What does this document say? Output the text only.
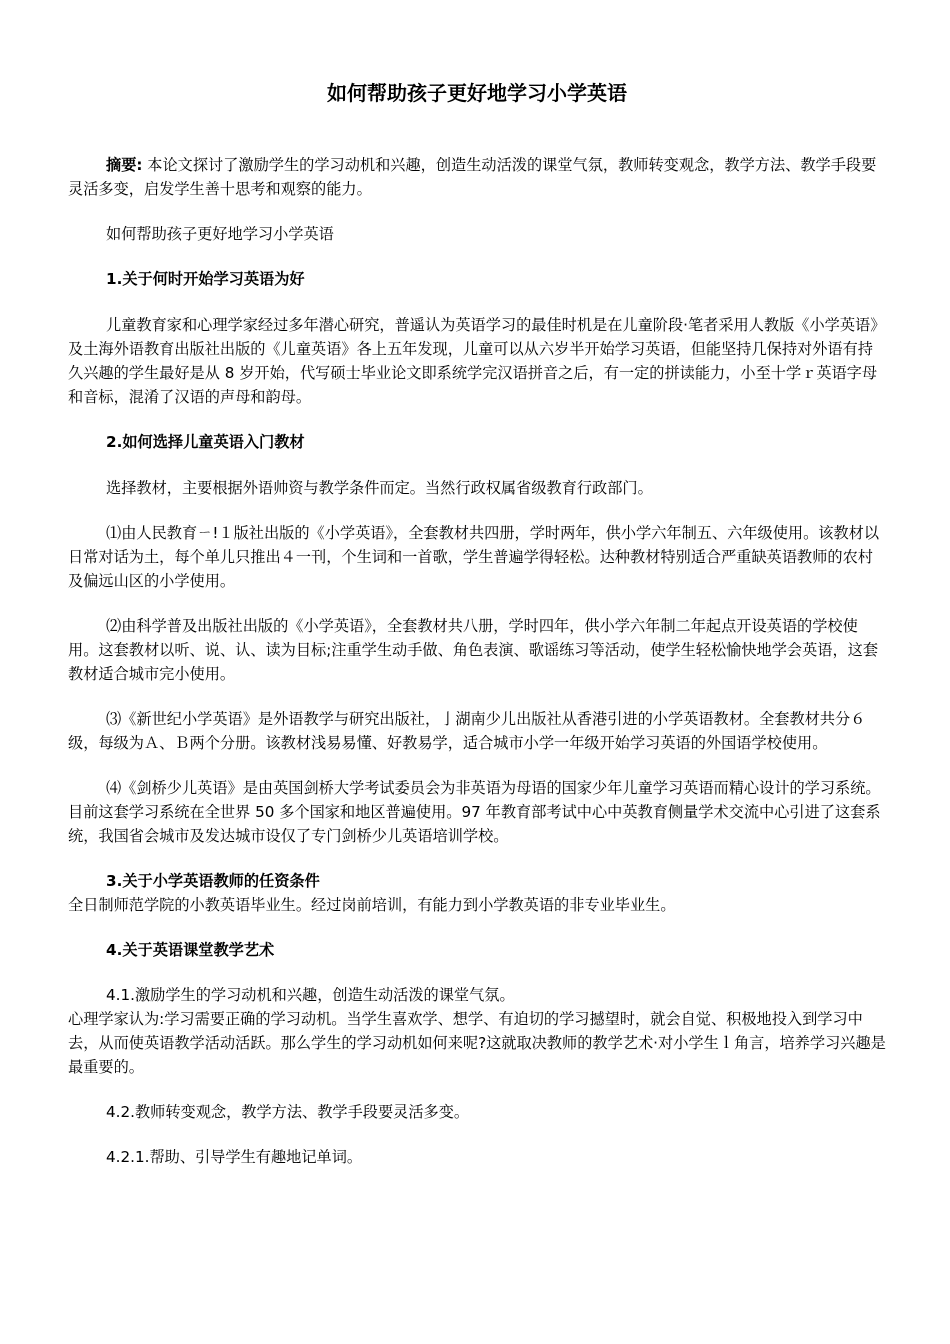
如何帮助孩子更好地学习小学英语

摘要: 本论文探讨了激励学生的学习动机和兴趣，创造生动活泼的课堂气氛，教师转变观念，教学方法、教学手段要灵活多变，启发学生善十思考和观察的能力。

如何帮助孩子更好地学习小学英语

1.关于何时开始学习英语为好

儿童教育家和心理学家经过多年潜心研究，普遥认为英语学习的最佳时机是在儿童阶段·笔者采用人教版《小学英语》及土海外语教育出版社出版的《儿童英语》各上五年发现，儿童可以从六岁半开始学习英语，但能坚持几保持对外语有持久兴趣的学生最好是从 8 岁开始，代写硕士毕业论文即系统学完汉语拼音之后，有一定的拼读能力，小至十学ｒ英语字母和音标，混淆了汉语的声母和韵母。

2.如何选择儿童英语入门教材

选择教材，主要根据外语帅资与教学条件而定。当然行政权属省级教育行政部门。

⑴由人民教育ㄧ!１版社出版的《小学英语》，全套教材共四册，学时两年，供小学六年制五、六年级使用。该教材以日常对话为土，每个单儿只推出４一刊，个生词和一首歌，学生普遍学得轻松。达种教材特别适合严重缺英语教师的农村及偏远山区的小学使用。

⑵由科学普及出版社出版的《小学英语》，全套教材共八册，学时四年，供小学六年制二年起点开设英语的学校使用。这套教材以听、说、认、读为目标;注重学生动手做、角色表演、歌谣练习等活动，使学生轻松愉快地学会英语，这套教材适合城市完小使用。

⑶《新世纪小学英语》是外语教学与研究出版社，亅湖南少儿出版社从香港引进的小学英语教材。全套教材共分６级，每级为Ａ、Ｂ两个分册。该教材浅易易懂、好教易学，适合城市小学一年级开始学习英语的外国语学校使用。

⑷《剑桥少儿英语》是由英国剑桥大学考试委员会为非英语为母语的国家少年儿童学习英语而精心设计的学习系统。目前这套学习系统在全世界 50 多个国家和地区普遍使用。97 年教育部考试中心中英教育侧量学术交流中心引进了这套系统，我国省会城市及发达城市设仅了专门剑桥少儿英语培训学校。

3.关于小学英语教师的任资条件

全日制师范学院的小教英语毕业生。经过岗前培训，有能力到小学教英语的非专业毕业生。

4.关于英语课堂教学艺术

4.1.激励学生的学习动机和兴趣，创造生动活泼的课堂气氛。

心理学家认为:学习需要正确的学习动机。当学生喜欢学、想学、有迫切的学习撼望时，就会自觉、积极地投入到学习中去，从而使英语教学活动活跃。那么学生的学习动机如何来呢?这就取决教师的教学艺术·对小学生ｌ角言，培养学习兴趣是最重要的。

4.2.教师转变观念，教学方法、教学手段要灵活多变。

4.2.1.帮助、引导学生有趣地记单词。
